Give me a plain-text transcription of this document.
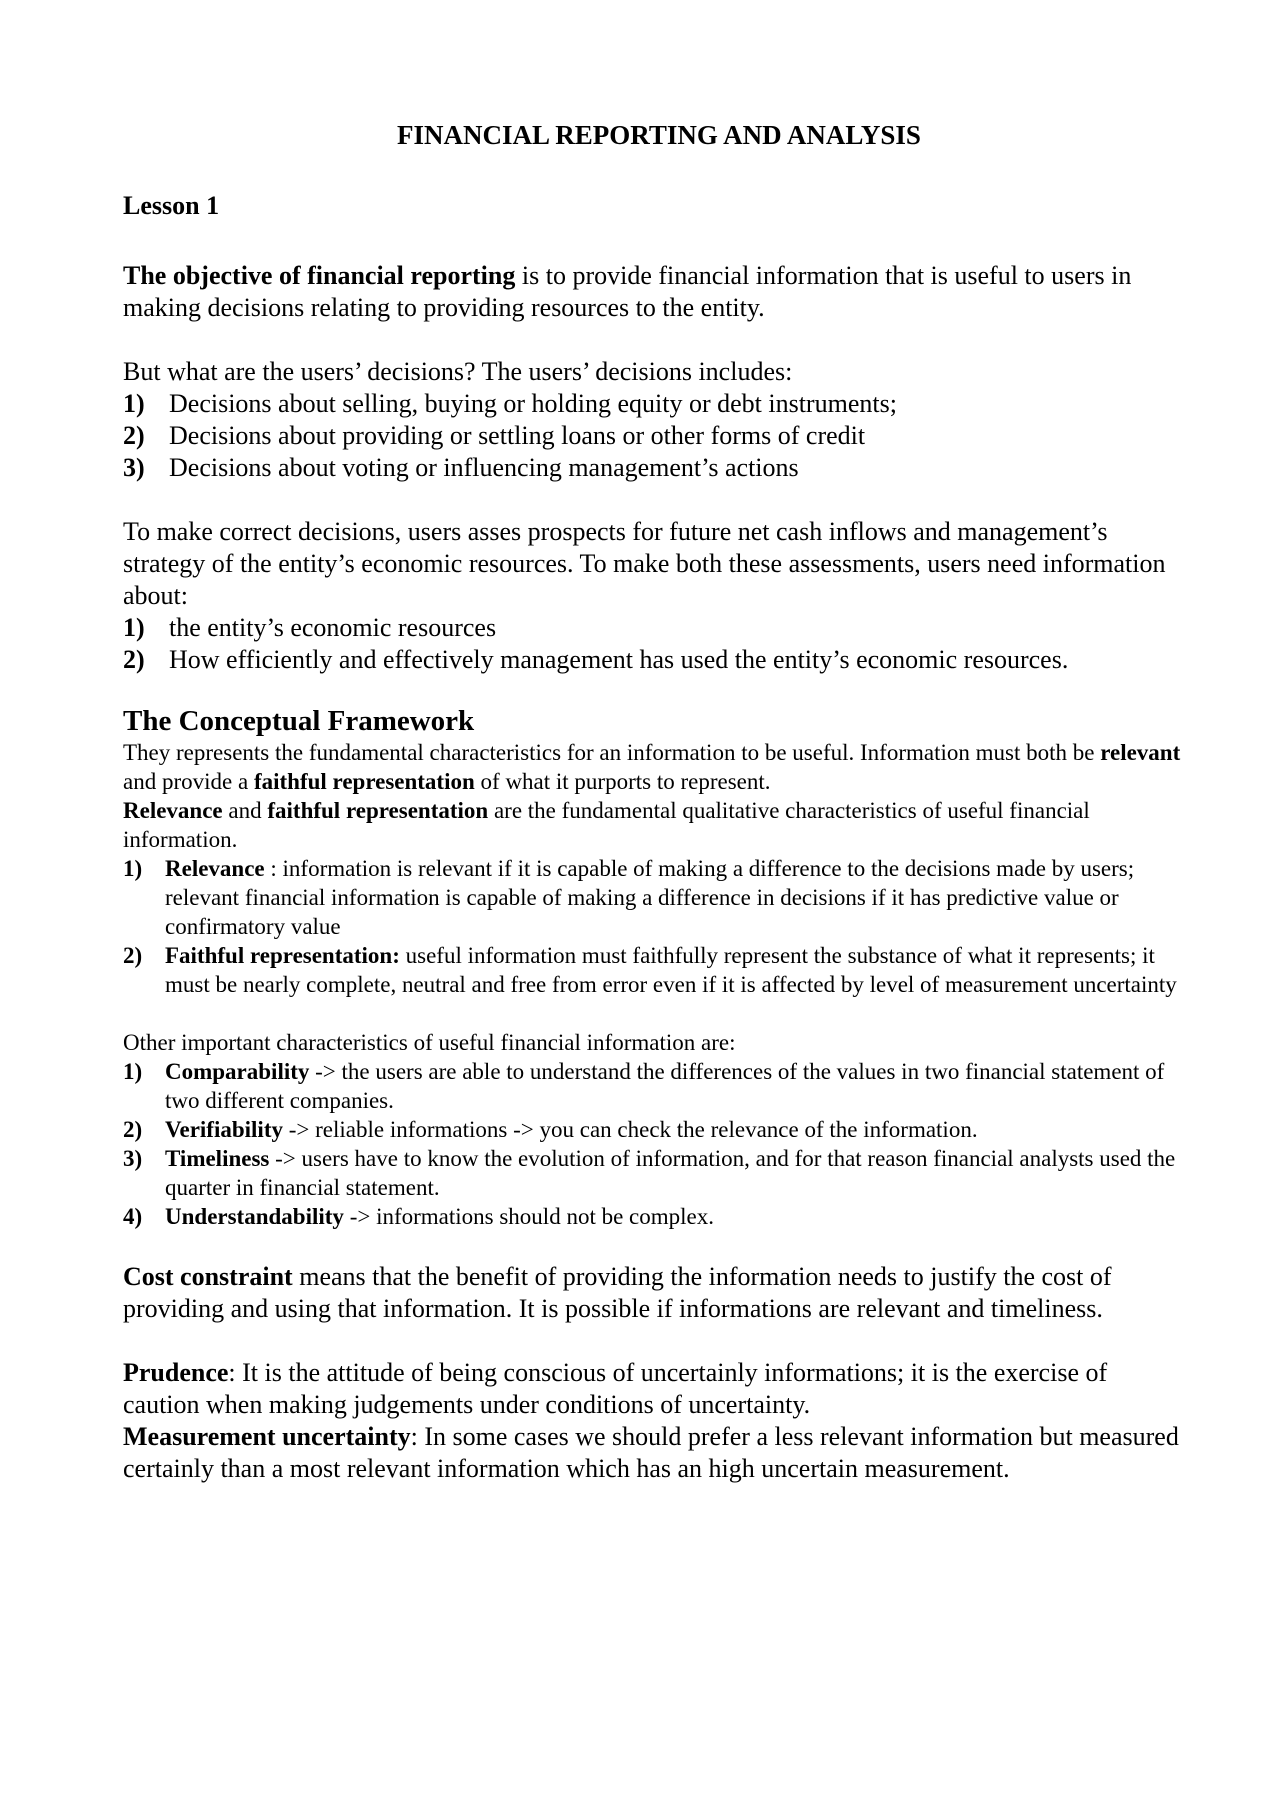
FINANCIAL REPORTING AND ANALYSIS
Lesson 1

The objective of financial reporting is to provide financial information that is useful to users in making decisions relating to providing resources to the entity.

But what are the users’ decisions? The users’ decisions includes:

1) Decisions about selling, buying or holding equity or debt instruments;
2) Decisions about providing or settling loans or other forms of credit
3) Decisions about voting or influencing management’s actions

To make correct decisions, users asses prospects for future net cash inflows and management’s strategy of the entity’s economic resources. To make both these assessments, users need information about:

1) the entity’s economic resources
2) How efficiently and effectively management has used the entity’s economic resources.
The Conceptual Framework

They represents the fundamental characteristics for an information to be useful. Information must both be relevant and provide a faithful representation of what it purports to represent.

Relevance and faithful representation are the fundamental qualitative characteristics of useful financial information.

1) Relevance : information is relevant if it is capable of making a difference to the decisions made by users; relevant financial information is capable of making a difference in decisions if it has predictive value or confirmatory value
2) Faithful representation: useful information must faithfully represent the substance of what it represents; it must be nearly complete, neutral and free from error even if it is affected by level of measurement uncertainty

Other important characteristics of useful financial information are:

1) Comparability -> the users are able to understand the differences of the values in two financial statement of two different companies.
2) Verifiability -> reliable informations -> you can check the relevance of the information.
3) Timeliness -> users have to know the evolution of information, and for that reason financial analysts used the quarter in financial statement.
4) Understandability -> informations should not be complex.

Cost constraint means that the benefit of providing the information needs to justify the cost of providing and using that information. It is possible if informations are relevant and timeliness.

Prudence: It is the attitude of being conscious of uncertainly informations; it is the exercise of caution when making judgements under conditions of uncertainty.

Measurement uncertainty: In some cases we should prefer a less relevant information but measured certainly than a most relevant information which has an high uncertain measurement.
